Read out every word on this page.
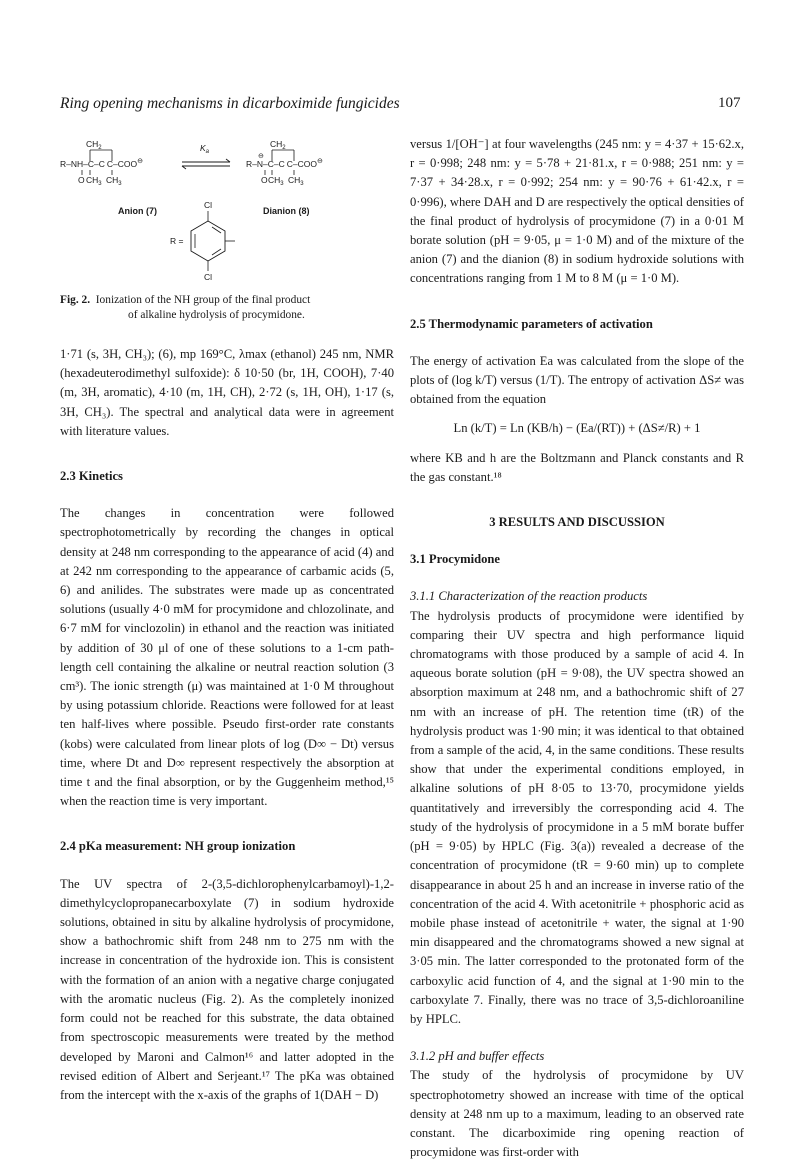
Ring opening mechanisms in dicarboximide fungicides	107
$CH_2$
R–NH–C–C C–COO⊖
O $CH_3$ $CH_3$
$K_a$
$CH_2$
R–N–C–C C–COO⊖
⊖
O $CH_3$ $CH_3$
Anion (7)	Dianion (8)
Cl
Cl
R =

Fig. 2. Ionization of the NH group of the final product
of alkaline hydrolysis of procymidone.

1·71 (s, 3H, CH₃); (6), mp 169°C, λmax (ethanol) 245 nm, NMR (hexadeuterodimethyl sulfoxide): δ 10·50 (br, 1H, COOH), 7·40 (m, 3H, aromatic), 4·10 (m, 1H, CH), 2·72 (s, 1H, OH), 1·17 (s, 3H, CH₃). The spectral and analytical data were in agreement with literature values.

2.3 Kinetics

The changes in concentration were followed spectrophotometrically by recording the changes in optical density at 248 nm corresponding to the appearance of acid (4) and at 242 nm corresponding to the appearance of carbamic acids (5, 6) and anilides. The substrates were made up as concentrated solutions (usually 4·0 mM for procymidone and chlozolinate, and 6·7 mM for vinclozolin) in ethanol and the reaction was initiated by addition of 30 μl of one of these solutions to a 1-cm path-length cell containing the alkaline or neutral reaction solution (3 cm³). The ionic strength (μ) was maintained at 1·0 M throughout by using potassium chloride. Reactions were followed for at least ten half-lives where possible. Pseudo first-order rate constants (kobs) were calculated from linear plots of log (D∞ − Dt) versus time, where Dt and D∞ represent respectively the absorption at time t and the final absorption, or by the Guggenheim method,¹⁵ when the reaction time is very important.

2.4 pKa measurement: NH group ionization

The UV spectra of 2-(3,5-dichlorophenylcarbamoyl)-1,2-dimethylcyclopropanecarboxylate (7) in sodium hydroxide solutions, obtained in situ by alkaline hydrolysis of procymidone, show a bathochromic shift from 248 nm to 275 nm with the increase in concentration of the hydroxide ion. This is consistent with the formation of an anion with a negative charge conjugated with the aromatic nucleus (Fig. 2). As the completely inonized form could not be reached for this substrate, the data obtained from spectroscopic measurements were treated by the method developed by Maroni and Calmon¹⁶ and latter adopted in the revised edition of Albert and Serjeant.¹⁷ The pKa was obtained from the intercept with the x-axis of the graphs of 1(DAH − D)

versus 1/[OH⁻] at four wavelengths (245 nm: y = 4·37 + 15·62.x, r = 0·998; 248 nm: y = 5·78 + 21·81.x, r = 0·988; 251 nm: y = 7·37 + 34·28.x, r = 0·992; 254 nm: y = 90·76 + 61·42.x, r = 0·996), where DAH and D are respectively the optical densities of the final product of hydrolysis of procymidone (7) in a 0·01 M borate solution (pH = 9·05, μ = 1·0 M) and of the mixture of the anion (7) and the dianion (8) in sodium hydroxide solutions with concentrations ranging from 1 M to 8 M (μ = 1·0 M).

2.5 Thermodynamic parameters of activation

The energy of activation Ea was calculated from the slope of the plots of (log k/T) versus (1/T). The entropy of activation ΔS≠ was obtained from the equation

Ln (k/T) = Ln (KB/h) − (Ea/(RT)) + (ΔS≠/R) + 1

where KB and h are the Boltzmann and Planck constants and R the gas constant.¹⁸

3 RESULTS AND DISCUSSION

3.1 Procymidone

3.1.1 Characterization of the reaction products

The hydrolysis products of procymidone were identified by comparing their UV spectra and high performance liquid chromatograms with those produced by a sample of acid 4. In aqueous borate solution (pH = 9·08), the UV spectra showed an absorption maximum at 248 nm, and a bathochromic shift of 27 nm with an increase of pH. The retention time (tR) of the hydrolysis product was 1·90 min; it was identical to that obtained from a sample of the acid, 4, in the same conditions. These results show that under the experimental conditions employed, in alkaline solutions of pH 8·05 to 13·70, procymidone yields quantitatively and irreversibly the corresponding acid 4. The study of the hydrolysis of procymidone in a 5 mM borate buffer (pH = 9·05) by HPLC (Fig. 3(a)) revealed a decrease of the concentration of procymidone (tR = 9·60 min) up to complete disappearance in about 25 h and an increase in inverse ratio of the concentration of the acid 4. With acetonitrile + phosphoric acid as mobile phase instead of acetonitrile + water, the signal at 1·90 min disappeared and the chromatograms showed a new signal at 3·05 min. The latter corresponded to the protonated form of the carboxylic acid function of 4, and the signal at 1·90 min to the carboxylate 7. Finally, there was no trace of 3,5-dichloroaniline by HPLC.

3.1.2 pH and buffer effects

The study of the hydrolysis of procymidone by UV spectrophotometry showed an increase with time of the optical density at 248 nm up to a maximum, leading to an observed rate constant. The dicarboximide ring opening reaction of procymidone was first-order with
